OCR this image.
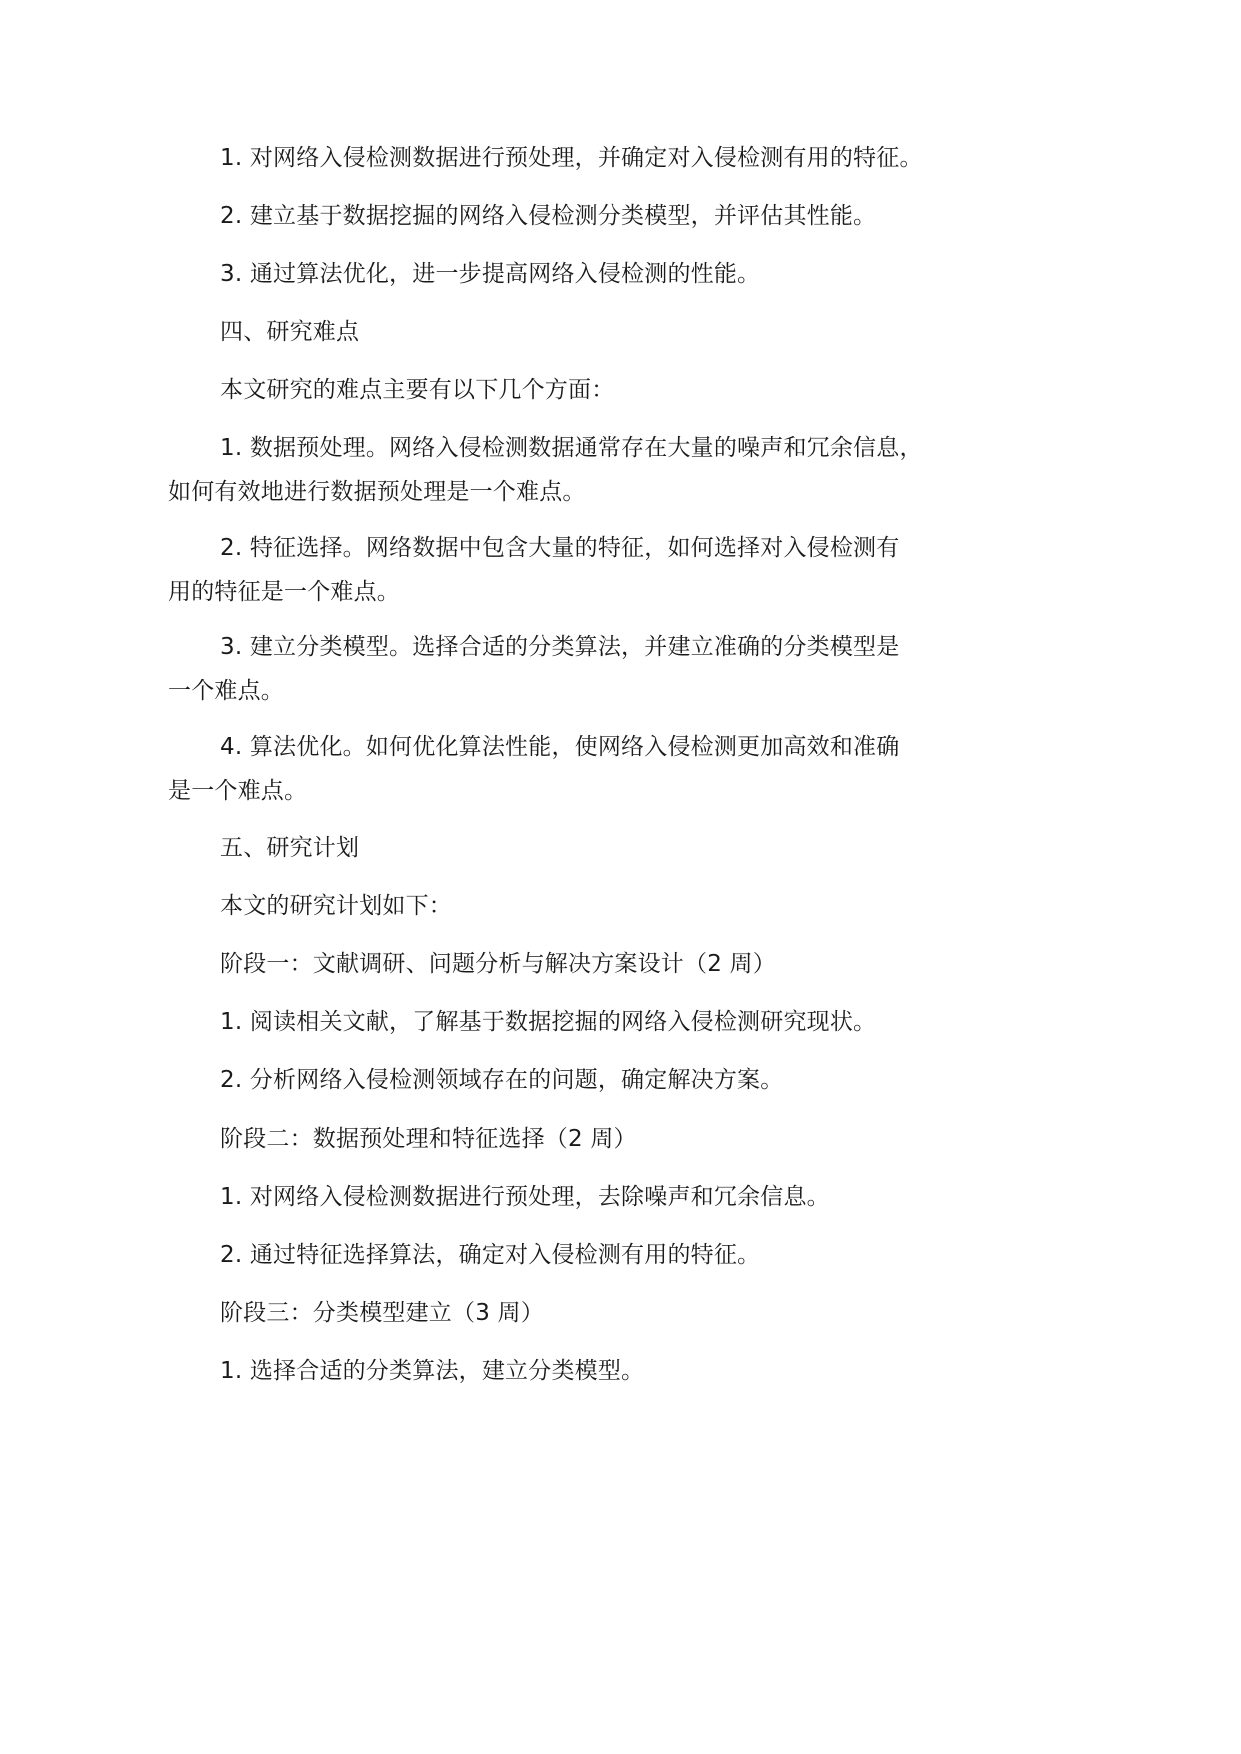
1. 对网络入侵检测数据进行预处理，并确定对入侵检测有用的特征。

2. 建立基于数据挖掘的网络入侵检测分类模型，并评估其性能。

3. 通过算法优化，进一步提高网络入侵检测的性能。

四、研究难点

本文研究的难点主要有以下几个方面：

1. 数据预处理。网络入侵检测数据通常存在大量的噪声和冗余信息，
如何有效地进行数据预处理是一个难点。

2. 特征选择。网络数据中包含大量的特征，如何选择对入侵检测有
用的特征是一个难点。

3. 建立分类模型。选择合适的分类算法，并建立准确的分类模型是
一个难点。

4. 算法优化。如何优化算法性能，使网络入侵检测更加高效和准确
是一个难点。

五、研究计划

本文的研究计划如下：

阶段一：文献调研、问题分析与解决方案设计（2 周）

1. 阅读相关文献，了解基于数据挖掘的网络入侵检测研究现状。

2. 分析网络入侵检测领域存在的问题，确定解决方案。

阶段二：数据预处理和特征选择（2 周）

1. 对网络入侵检测数据进行预处理，去除噪声和冗余信息。

2. 通过特征选择算法，确定对入侵检测有用的特征。

阶段三：分类模型建立（3 周）

1. 选择合适的分类算法，建立分类模型。
